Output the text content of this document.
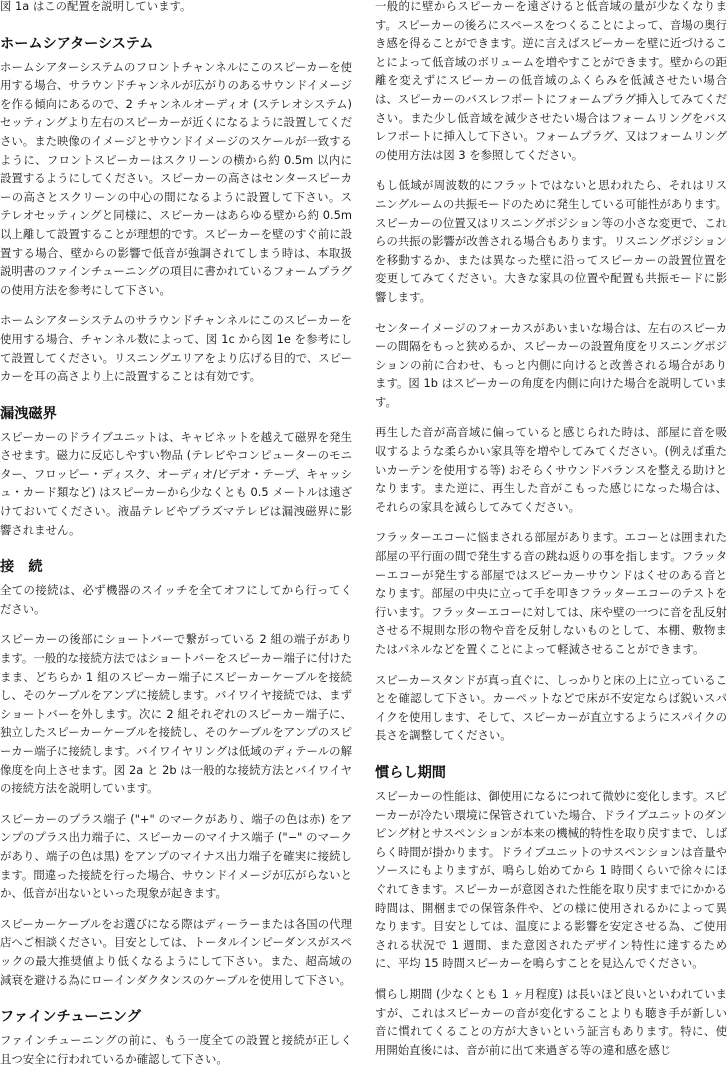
図 1a はこの配置を説明しています。

ホームシアターシステム

ホームシアターシステムのフロントチャンネルにこのスピーカーを使用する場合、サラウンドチャンネルが広がりのあるサウンドイメージを作る傾向にあるので、2 チャンネルオーディオ (ステレオシステム) セッティングより左右のスピーカーが近くになるように設置してください。また映像のイメージとサウンドイメージのスケールが一致するように、フロントスピーカーはスクリーンの横から約 0.5m 以内に設置するようにしてください。スピーカーの高さはセンタースピーカーの高さとスクリーンの中心の間になるように設置して下さい。ステレオセッティングと同様に、スピーカーはあらゆる壁から約 0.5m 以上離して設置することが理想的です。スピーカーを壁のすぐ前に設置する場合、壁からの影響で低音が強調されてしまう時は、本取扱説明書のファインチューニングの項目に書かれているフォームプラグの使用方法を参考にして下さい。

ホームシアターシステムのサラウンドチャンネルにこのスピーカーを使用する場合、チャンネル数によって、図 1c から図 1e を参考にして設置してください。リスニングエリアをより広げる目的で、スピーカーを耳の高さより上に設置することは有効です。

漏洩磁界

スピーカーのドライブユニットは、キャビネットを越えて磁界を発生させます。磁力に反応しやすい物品 (テレビやコンピューターのモニター、フロッピー・ディスク、オーディオ/ビデオ・テープ、キャッシュ・カード類など) はスピーカーから少なくとも 0.5 メートルは遠ざけておいてください。液晶テレビやプラズマテレビは漏洩磁界に影響されません。

接　続

全ての接続は、必ず機器のスイッチを全てオフにしてから行ってください。

スピーカーの後部にショートバーで繋がっている 2 組の端子があります。一般的な接続方法ではショートバーをスピーカー端子に付けたまま、どちらか 1 組のスピーカー端子にスピーカーケーブルを接続し、そのケーブルをアンプに接続します。バイワイヤ接続では、まずショートバーを外します。次に 2 組それぞれのスピーカー端子に、独立したスピーカーケーブルを接続し、そのケーブルをアンプのスピーカー端子に接続します。バイワイヤリングは低域のディテールの解像度を向上させます。図 2a と 2b は一般的な接続方法とバイワイヤの接続方法を説明しています。

スピーカーのプラス端子 ("+" のマークがあり、端子の色は赤) をアンプのプラス出力端子に、スピーカーのマイナス端子 ("−" のマークがあり、端子の色は黒) をアンプのマイナス出力端子を確実に接続します。間違った接続を行った場合、サウンドイメージが広がらないとか、低音が出ないといった現象が起きます。

スピーカーケーブルをお選びになる際はディーラーまたは各国の代理店へご相談ください。目安としては、トータルインピーダンスがスペックの最大推奨値より低くなるようにして下さい。また、超高域の減衰を避ける為にローインダクタンスのケーブルを使用して下さい。

ファインチューニング

ファインチューニングの前に、もう一度全ての設置と接続が正しく且つ安全に行われているか確認して下さい。

一般的に壁からスピーカーを遠ざけると低音域の量が少なくなります。スピーカーの後ろにスペースをつくることによって、音場の奥行き感を得ることができます。逆に言えばスピーカーを壁に近づけることによって低音域のボリュームを増やすことができます。壁からの距離を変えずにスピーカーの低音域のふくらみを低減させたい場合は、スピーカーのバスレフポートにフォームプラグ挿入してみてください。また少し低音域を減少させたい場合はフォームリングをバスレフポートに挿入して下さい。フォームプラグ、又はフォームリングの使用方法は図 3 を参照してください。

もし低域が周波数的にフラットではないと思われたら、それはリスニングルームの共振モードのために発生している可能性があります。スピーカーの位置又はリスニングポジション等の小さな変更で、これらの共振の影響が改善される場合もあります。リスニングポジションを移動するか、または異なった壁に沿ってスピーカーの設置位置を変更してみてください。大きな家具の位置や配置も共振モードに影響します。

センターイメージのフォーカスがあいまいな場合は、左右のスピーカーの間隔をもっと狭めるか、スピーカーの設置角度をリスニングポジションの前に合わせ、もっと内側に向けると改善される場合があります。図 1b はスピーカーの角度を内側に向けた場合を説明しています。

再生した音が高音域に偏っていると感じられた時は、部屋に音を吸収するような柔らかい家具等を増やしてみてください。(例えば重たいカーテンを使用する等) おそらくサウンドバランスを整える助けとなります。また逆に、再生した音がこもった感じになった場合は、それらの家具を減らしてみてください。

フラッターエコーに悩まされる部屋があります。エコーとは囲まれた部屋の平行面の間で発生する音の跳ね返りの事を指します。フラッターエコーが発生する部屋ではスピーカーサウンドはくせのある音となります。部屋の中央に立って手を叩きフラッターエコーのテストを行います。フラッターエコーに対しては、床や壁の一つに音を乱反射させる不規則な形の物や音を反射しないものとして、本棚、敷物またはパネルなどを置くことによって軽減させることができます。

スピーカースタンドが真っ直ぐに、しっかりと床の上に立っていることを確認して下さい。カーペットなどで床が不安定ならば鋭いスパイクを使用します、そして、スピーカーが直立するようにスパイクの長さを調整してください。

慣らし期間

スピーカーの性能は、御使用になるにつれて微妙に変化します。スピーカーが冷たい環境に保管されていた場合、ドライブユニットのダンピング材とサスペンションが本来の機械的特性を取り戻すまで、しばらく時間が掛かります。ドライブユニットのサスペンションは音量やソースにもよりますが、鳴らし始めてから 1 時間くらいで徐々にほぐれてきます。スピーカーが意図された性能を取り戻すまでにかかる時間は、開梱までの保管条件や、どの様に使用されるかによって異なります。目安としては、温度による影響を安定させる為、ご使用される状況で 1 週間、また意図されたデザイン特性に達するために、平均 15 時間スピーカーを鳴らすことを見込んでください。

慣らし期間 (少なくとも 1 ヶ月程度) は長いほど良いといわれていますが、これはスピーカーの音が変化することよりも聴き手が新しい音に慣れてくることの方が大きいという証言もあります。特に、使用開始直後には、音が前に出て来過ぎる等の違和感を感じ
